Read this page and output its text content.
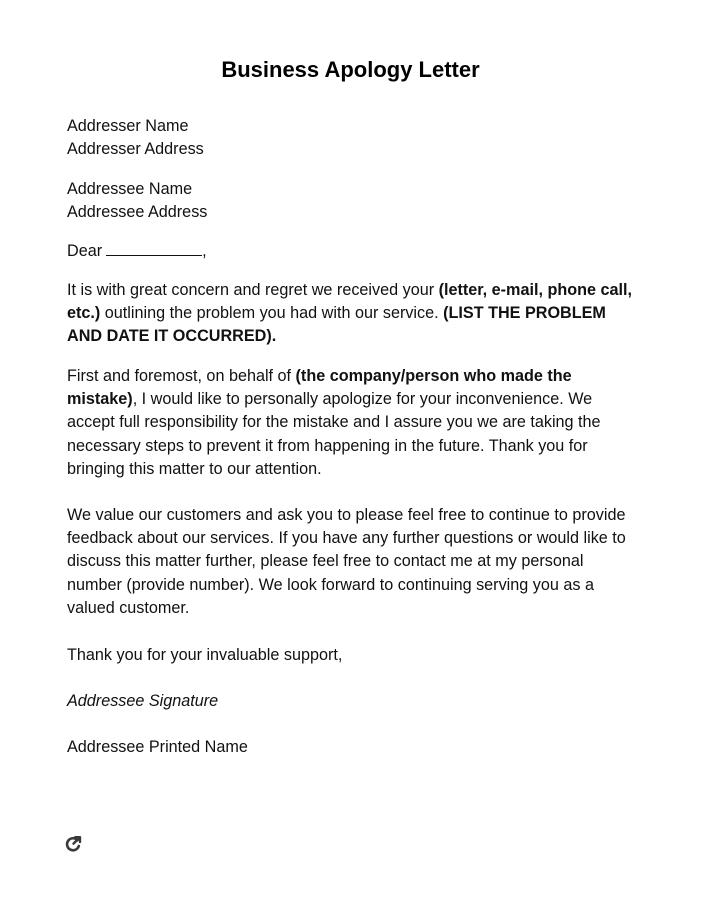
Business Apology Letter
Addresser Name
Addresser Address
Addressee Name
Addressee Address
Dear	,
It is with great concern and regret we received your (letter, e-mail, phone call,
etc.) outlining the problem you had with our service. (LIST THE PROBLEM
AND DATE IT OCCURRED).
First and foremost, on behalf of (the company/person who made the
mistake), I would like to personally apologize for your inconvenience. We
accept full responsibility for the mistake and I assure you we are taking the
necessary steps to prevent it from happening in the future. Thank you for
bringing this matter to our attention.
We value our customers and ask you to please feel free to continue to provide
feedback about our services. If you have any further questions or would like to
discuss this matter further, please feel free to contact me at my personal
number (provide number). We look forward to continuing serving you as a
valued customer.
Thank you for your invaluable support,
Addressee Signature
Addressee Printed Name
